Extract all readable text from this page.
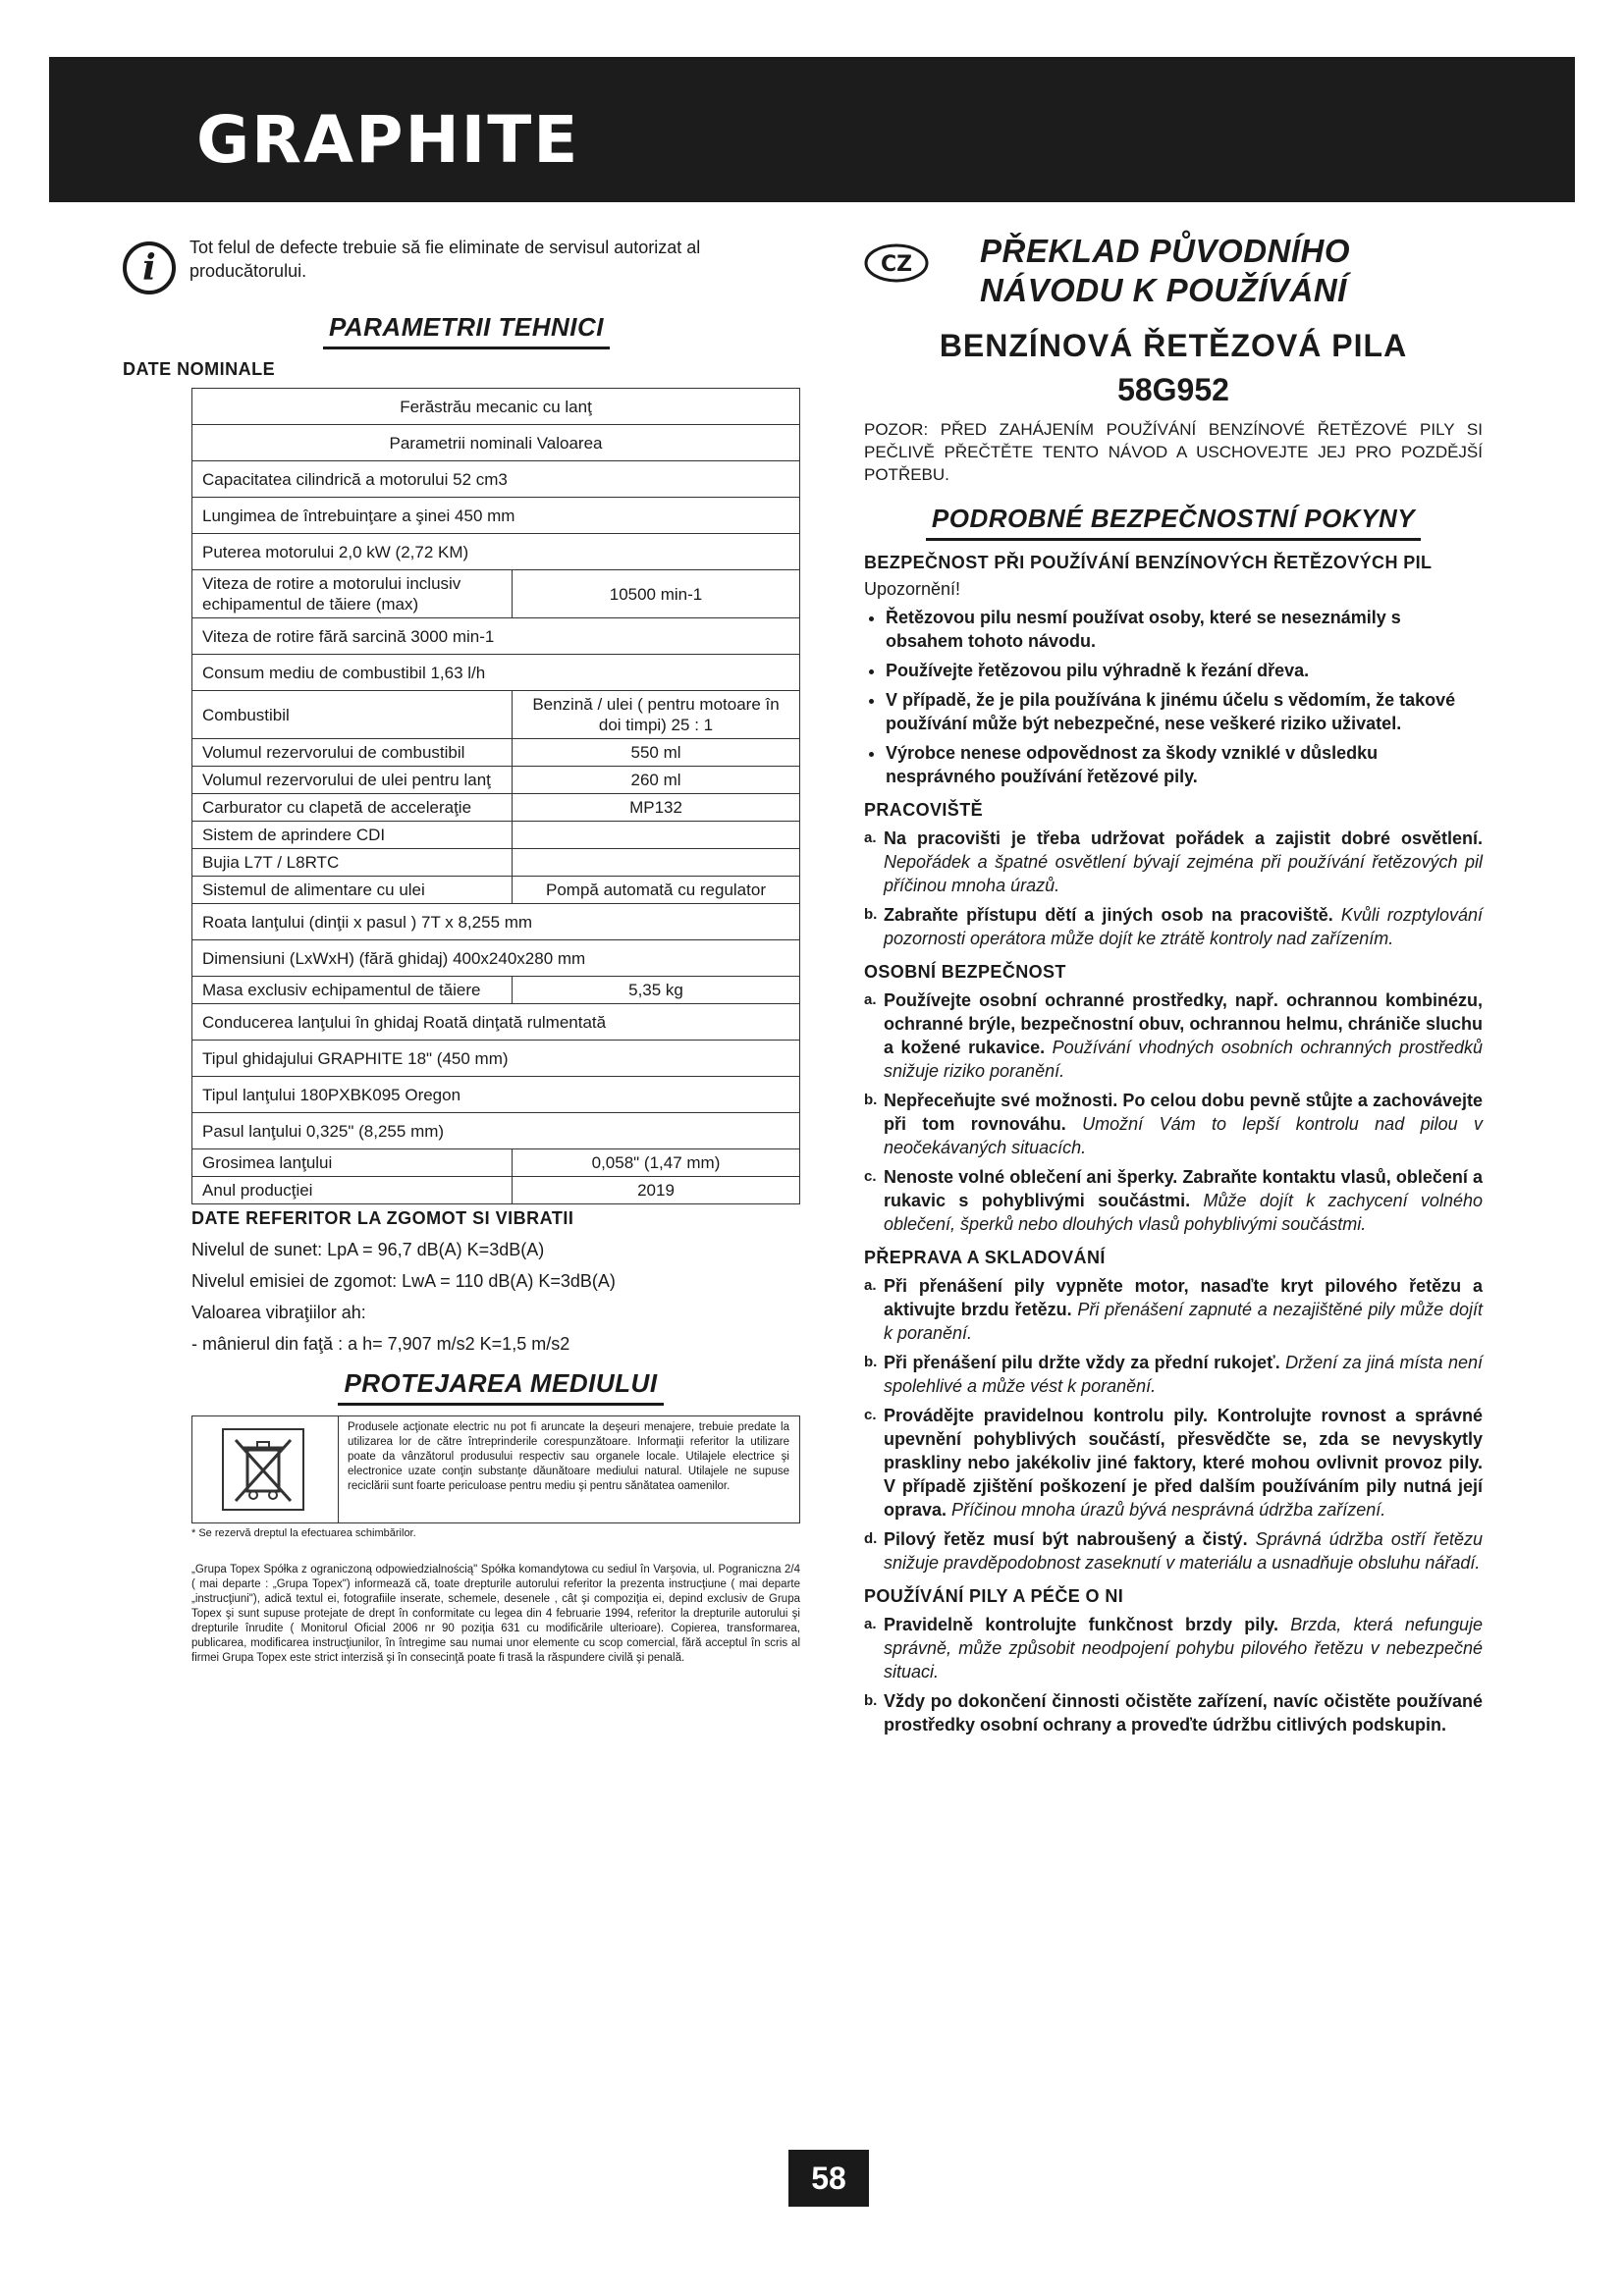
GRAPHITE
i	Tot felul de defecte trebuie să fie eliminate de servisul autorizat al producătorului.
PARAMETRII TEHNICI
DATE NOMINALE
Ferăstrău mecanic cu lanţ	
Parametrii nominali Valoarea	
Capacitatea cilindrică a motorului 52 cm3	
Lungimea de întrebuinţare a şinei 450 mm	
Puterea motorului 2,0 kW (2,72 KM)	
Viteza de rotire a motorului inclusiv echipamentul de tăiere (max)	10500 min-1
Viteza de rotire fără sarcină 3000 min-1	
Consum mediu de combustibil 1,63 l/h	
Combustibil	Benzină / ulei ( pentru motoare în doi timpi) 25 : 1
Volumul rezervorului de combustibil	550 ml
Volumul rezervorului de ulei pentru lanţ	260 ml
Carburator cu clapetă de acceleraţie	MP132
Sistem de aprindere CDI	
Bujia L7T / L8RTC	
Sistemul de alimentare cu ulei	Pompă automată cu regulator
Roata lanţului (dinţii x pasul ) 7T x 8,255 mm	
Dimensiuni (LxWxH) (fără ghidaj) 400x240x280 mm	
Masa exclusiv echipamentul de tăiere	5,35 kg
Conducerea lanţului în ghidaj Roată dinţată rulmentată	
Tipul ghidajului GRAPHITE 18" (450 mm)	
Tipul lanţului 180PXBK095 Oregon	
Pasul lanţului 0,325" (8,255 mm)	
Grosimea lanţului	0,058" (1,47 mm)
Anul producţiei	2019
DATE REFERITOR LA ZGOMOT SI VIBRATII

Nivelul de sunet: LpA = 96,7 dB(A) K=3dB(A)

Nivelul emisiei de zgomot: LwA = 110 dB(A) K=3dB(A)

Valoarea vibraţiilor ah:

- mânierul din faţă : a h= 7,907 m/s2 K=1,5 m/s2

PROTEJAREA MEDIULUI
Produsele acţionate electric nu pot fi aruncate la deşeuri menajere, trebuie predate la utilizarea lor de către întreprinderile corespunzătoare. Informaţii referitor la utilizare poate da vânzătorul produsului respectiv sau organele locale. Utilajele electrice şi electronice uzate conţin substanţe dăunătoare mediului natural. Utilajele ne supuse reciclării sunt foarte periculoase pentru mediu şi pentru sănătatea oamenilor.
* Se rezervă dreptul la efectuarea schimbărilor.
„Grupa Topex Spółka z ograniczoną odpowiedzialnością" Spółka komandytowa cu sediul în Varşovia, ul. Pograniczna 2/4 ( mai departe : „Grupa Topex") informează că, toate drepturile autorului referitor la prezenta instrucţiune ( mai departe „instrucţiuni"), adică textul ei, fotografiile inserate, schemele, desenele , cât şi compoziţia ei, depind exclusiv de Grupa Topex şi sunt supuse protejate de drept în conformitate cu legea din 4 februarie 1994, referitor la drepturile autorului şi drepturile înrudite ( Monitorul Oficial 2006 nr 90 poziţia 631 cu modificările ulterioare). Copierea, transformarea, publicarea, modificarea instrucţiunilor, în întregime sau numai unor elemente cu scop comercial, fără acceptul în scris al firmei Grupa Topex este strict interzisă şi în consecinţă poate fi trasă la răspundere civilă şi penală.
CZ PŘEKLAD PŮVODNÍHO
NÁVODU K POUŽÍVÁNÍ
BENZÍNOVÁ ŘETĚZOVÁ PILA
58G952
POZOR: PŘED ZAHÁJENÍM POUŽÍVÁNÍ BENZÍNOVÉ ŘETĚZOVÉ PILY SI PEČLIVĚ PŘEČTĚTE TENTO NÁVOD A USCHOVEJTE JEJ PRO POZDĚJŠÍ POTŘEBU.
PODROBNÉ BEZPEČNOSTNÍ POKYNY
BEZPEČNOST PŘI POUŽÍVÁNÍ BENZÍNOVÝCH ŘETĚZOVÝCH PIL
Upozornění!
• Řetězovou pilu nesmí používat osoby, které se neseznámily s obsahem tohoto návodu.
• Používejte řetězovou pilu výhradně k řezání dřeva.
• V případě, že je pila používána k jinému účelu s vědomím, že takové používání může být nebezpečné, nese veškeré riziko uživatel.
• Výrobce nenese odpovědnost za škody vzniklé v důsledku nesprávného používání řetězové pily.
PRACOVIŠTĚ
a. Na pracovišti je třeba udržovat pořádek a zajistit dobré osvětlení. Nepořádek a špatné osvětlení bývají zejména při používání řetězových pil příčinou mnoha úrazů.
b. Zabraňte přístupu dětí a jiných osob na pracoviště. Kvůli rozptylování pozornosti operátora může dojít ke ztrátě kontroly nad zařízením.
OSOBNÍ BEZPEČNOST
a. Používejte osobní ochranné prostředky, např. ochrannou kombinézu, ochranné brýle, bezpečnostní obuv, ochrannou helmu, chrániče sluchu a kožené rukavice. Používání vhodných osobních ochranných prostředků snižuje riziko poranění.
b. Nepřeceňujte své možnosti. Po celou dobu pevně stůjte a zachovávejte při tom rovnováhu. Umožní Vám to lepší kontrolu nad pilou v neočekávaných situacích.
c. Nenoste volné oblečení ani šperky. Zabraňte kontaktu vlasů, oblečení a rukavic s pohyblivými součástmi. Může dojít k zachycení volného oblečení, šperků nebo dlouhých vlasů pohyblivými součástmi.
PŘEPRAVA A SKLADOVÁNÍ
a. Při přenášení pily vypněte motor, nasaďte kryt pilového řetězu a aktivujte brzdu řetězu. Při přenášení zapnuté a nezajištěné pily může dojít k poranění.
b. Při přenášení pilu držte vždy za přední rukojeť. Držení za jiná místa není spolehlivé a může vést k poranění.
c. Provádějte pravidelnou kontrolu pily. Kontrolujte rovnost a správné upevnění pohyblivých součástí, přesvědčte se, zda se nevyskytly praskliny nebo jakékoliv jiné faktory, které mohou ovlivnit provoz pily. V případě zjištění poškození je před dalším používáním pily nutná její oprava. Příčinou mnoha úrazů bývá nesprávná údržba zařízení.
d. Pilový řetěz musí být nabroušený a čistý. Správná údržba ostří řetězu snižuje pravděpodobnost zaseknutí v materiálu a usnadňuje obsluhu nářadí.
POUŽÍVÁNÍ PILY A PÉČE O NI
a. Pravidelně kontrolujte funkčnost brzdy pily. Brzda, která nefunguje správně, může způsobit neodpojení pohybu pilového řetězu v nebezpečné situaci.
b. Vždy po dokončení činnosti očistěte zařízení, navíc očistěte používané prostředky osobní ochrany a proveďte údržbu citlivých podskupin.
58
